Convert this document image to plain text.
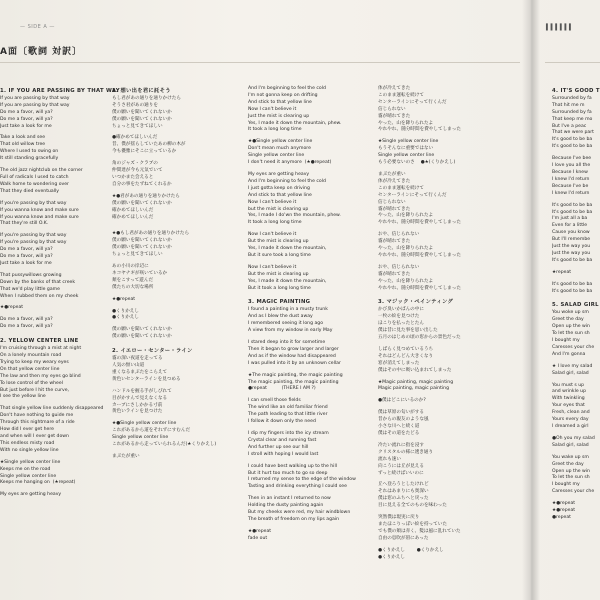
— SIDE A —
A面〔歌詞 対訳〕
▌▌▌▌▌▌
1. IF YOU ARE PASSING BY THAT WAY
If you are passing by that way
If you are passing by that way
Do me a favor, will ya?
Do me a favor, will ya?
Just take a look for me
Take a look and see
That old willow tree
Where I used to swing on
It still standing gracefully
The old jazz nightclub on the corner
Full of radicals I used to catch
Walk home to wondering over
That they died eventually
If you're passing by that way
If you wanna know and make sure
If you wanna know and make sure
That they're still O.K.
If you're passing by that way
If you're passing by that way
Do me a favor, will ya?
Do me a favor, will ya?
Just take a look for me
That pussywillows growing
Down by the banks of that creek
That we'd play little game
When I rubbed them on my cheek
★●repeat
Do me a favor, will ya?
Do me a favor, will ya?
2. YELLOW CENTER LINE
I'm cruising through a mist at night
On a lonely mountain road
Trying to keep my weary eyes
On that yellow center line
The law and then my eyes go blind
To lose control of the wheel
But just before I hit the curve,
I see the yellow line
That single yellow line suddenly disappeared
Don't have nothing to guide me
Through this nightmare of a ride
How did I ever get here
and when will I ever get down
This endless misty road
With no single yellow line
★Single yellow center line
Keeps me on the road
Single yellow center line
Keeps me hanging on  (★repeat)
My eyes are getting heavy
1. 想い出を君に託そう
もし君があの通りを通りかけたら
そうさ君があの通りを
僕の願いを聞いてくれないか
僕の願いを聞いてくれないか
ちょっと見てきてほしい
●確かめてほしいんだ
昔、僕が揺らしていたあの柳の木が
今も優雅にそこに立っているか
角のジャズ・クラブの
仲間達が今も元気でいて
いつかまた会えると
自分の事をたずねてくれるか
★●君があの通りを通りかけたら
僕の願いを聞いてくれないか
確かめてほしいんだ
確かめてほしいんだ
★●もし君があの通りを通りかけたら
僕の願いを聞いてくれないか
僕の願いを聞いてくれないか
ちょっと見てきてほしい
あの小川の岸辺に
ネコヤナギが咲いているか
頬をこすって遊んだ
僕たちの大切な場所
★●repeat
●くりかえし
●くりかえし
僕の願いを聞いてくれないか
僕の願いを聞いてくれないか
2. イエロー・センター・ライン
霧の深い夜道を走ってる
人気の無い山道
重くなるまぶたをこらえて
黄色いセンターラインを見つめる
ハンドルを握る手がしびれて
目がかすんで見えなくなる
カーブにさしかかる寸前
黄色いラインを見つけた
★●Single yellow center line
これがあるから道をそれずにすむんだ
Single yellow center line
これがあるから走っていられるんだ(★くりかえし)
まぶたが重い
And I'm beginning to feel the cold
I'm not gonna keep on drifting
And stick to that yellow line
Now I can't believe it
Just the mist is clearing up
Yes, I made it down the mountain, phew.
It took a long long time
★●Single yellow center line
Don't mean much anymore
Single yellow center line
I don't need it anymore  (★●repeat)
My eyes are getting heavy
And I'm beginning to feel the cold
I just gotta keep on driving
And stick to that yellow line
Now I can't believe it
but the mist is clearing up
Yes, I made I do'wn the mountain, phew.
It took a long long time
Now I can't believe it
But the mist is clearing up
Yes, I made it down the mountain,
But it sure took a long time
Now I can't believe it
But the mist is clearing up
Yes, I made it down the mountain,
But it took a long long time
3. MAGIC PAINTING
I found a painting in a musty trunk
And as I blew the dust away
I remembered seeing it long ago
A view from my window in early May
I stared deep into it for sometime
Then it began to grow larger and larger
And as if the window had disappeared
I was pulled into it by an unknown cellar
★The magic painting, the magic painting
The magic painting, the magic painting
●repeat          (THERE I AM ?)
I can smell those fields
The wind like an old familiar friend
The path leading to that little river
I follow it down only the need
I dip my fingers into the icy stream
Crystal clear and running fast
And further up see our hill
I stroll with hoping I would last
I could have best walking up to the hill
But it hurt too much to go so deep
I returned my sense to the edge of the window
Tasting and drinking everything I could see
Then in an instant I returned to now
Holding the dusty painting again
But my cheeks were red, my hair windblown
The breath of freedom on my lips again
★●repeat
fade out
体が冷えてきた
このまま運転を続けて
センターラインにそって行くんだ
信じられない
霧が晴れてきた
やった、山を降りられたよ
やれやれ、随分時間を費やしてしまった
★Single yellow center line
もうそんなに重要ではない
Single yellow center line
もう必要ないのさ    ●★(くりかえし)
まぶたが重い
体が冷えてきた
このまま運転を続けて
センターラインにそって行くんだ
信じられない
霧が晴れてきた
やった、山を降りられたよ
やれやれ、随分時間を費やしてしまった
おや、信じられない
霧が晴れてきた
やった、山を降りられたよ
やれやれ、随分時間を費やしてしまった
おや、信じられない
霧が晴れてきた
やった、山を降りられたよ
やれやれ、随分時間を費やしてしまった
3. マジック・ペインティング
かび臭いかばんの中に
一枚の絵を見つけた
ほこりを払ったとたん
僕は昔に見た事を思い出した
五月のはじめの頃の窓からの景色だった
しばらく見つめているうち
それはどんどん大きくなり
窓が消えてしまった
僕はその中に吸い込まれてしまった
★Magic painting, magic painting
Magic painting, magic painting
●僕はどこにいるのか?
僕は草原の匂いがする
昔からの親友のような風
小さな川へと続く道
僕はその道をたどる
冷たい流れに指を浸す
クリスタルの様に透き通り
流れも速い
向こうには丘が見える
ずっと続けばいいのに
丘へ登ろうとしたけれど
それはあまりにも奥深い
僕は窓のふちへと戻った
目に見える全てのものを味わった
突然僕は現実に戻り
またほこりっぽい絵を持っていた
でも僕の頬は赤く、髪は風に乱れていた
自由の息吹が唇にあった
●くりかえし        ●くりかえし
●くりかえし
4. IT'S GOOD T
Surrounded by fa
That hit me m
Surrounded by fa
That keep me mo
But I've a peac
That we were part
It's good to be ba
It's good to be ba
Because I've bee
I love you all the
Because I knew
I knew I'd return
Because I've be
I knew I'd return
It's good to be ba
It's good to be ba
I'm just all a ba
Even for a little
Cause you know
But I'll remembe
Just the way you
Just the way you
It's good to be ba
★repeat
It's good to be ba
It's good to be ba
5. SALAD GIRL
You woke up sm
Greet the day
Open up the win
To let the sun sh
I bought my
Caresses your che
And I'm gonna
★ I love my salad
Salad girl, salad
You must s up
and wrinkle up
With twinkling
Your eyes that
Fresh, clean and
Yours every day
I dreamed a girl
●Oh you my salad
Salad girl, salad
You wake up sm
Greet the day
Open up the win
To let the sun sh
I bought my
Caresses your che
★●repeat
★●repeat
●repeat
